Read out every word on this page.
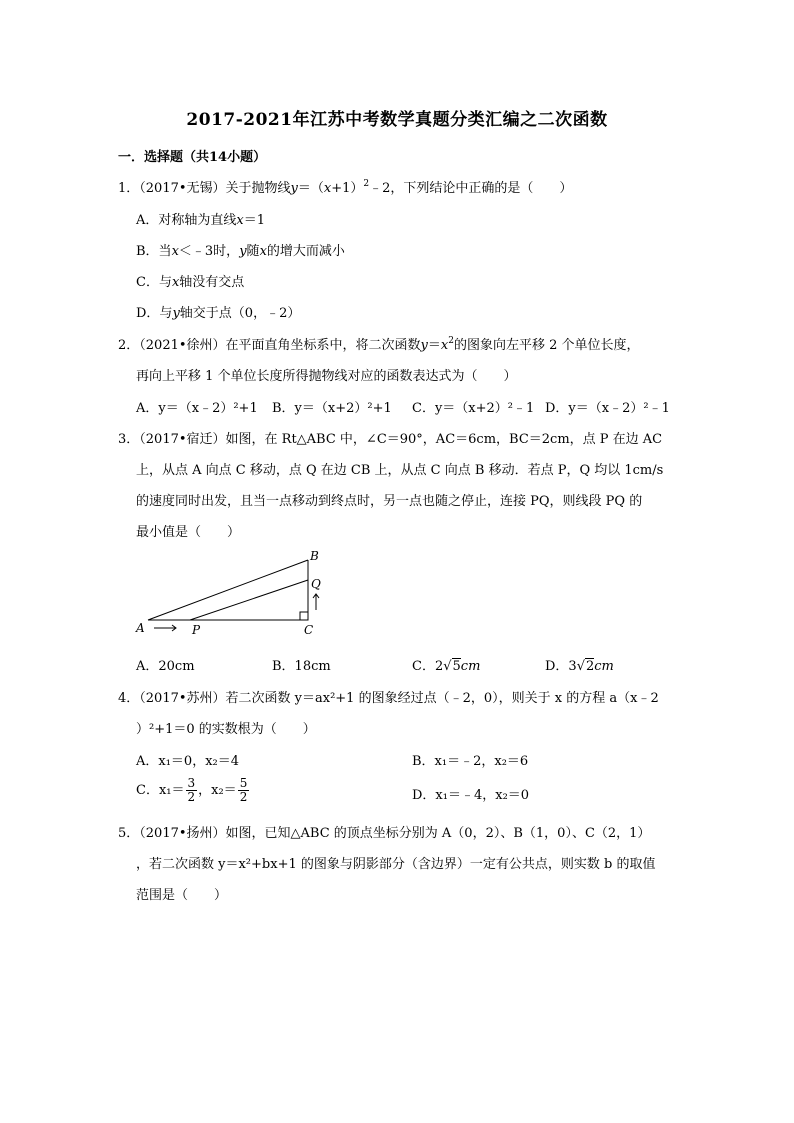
2017-2021年江苏中考数学真题分类汇编之二次函数
一．选择题（共14小题）
1．（2017•无锡）关于抛物线$y=(x+1)^2﹣2$，下列结论中正确的是（　　）
A．对称轴为直线x＝1
B．当x＜﹣3时，y随x的增大而减小
C．与x轴没有交点
D．与y轴交于点（0，﹣2）
2．（2021•徐州）在平面直角坐标系中，将二次函数$y=x^2$的图象向左平移 2 个单位长度，
再向上平移 1 个单位长度所得抛物线对应的函数表达式为（　　）
A．y＝（x﹣2）²+1 B．y＝（x+2）²+1 C．y＝（x+2）²﹣1 D．y＝（x﹣2）²﹣1
3．（2017•宿迁）如图，在 Rt△ABC 中，∠C＝90°，AC＝6cm，BC＝2cm，点 P 在边 AC
上，从点 A 向点 C 移动，点 Q 在边 CB 上，从点 C 向点 B 移动．若点 P，Q 均以 1cm/s
的速度同时出发，且当一点移动到终点时，另一点也随之停止，连接 PQ，则线段 PQ 的
最小值是（　　）
A
B
C
P
Q
A．20cm	B．18cm	C．2√5cm	D．3√2cm
4．（2017•苏州）若二次函数 y＝ax²+1 的图象经过点（﹣2，0），则关于 x 的方程 a（x﹣2
）²+1＝0 的实数根为（　　）
A．x₁＝0，x₂＝4	B．x₁＝﹣2，x₂＝6
C．$x_1= \frac{3}{2}$ ，$x_2= \frac{5}{2}$	D．x₁＝﹣4，x₂＝0
5．（2017•扬州）如图，已知△ABC 的顶点坐标分别为 A（0，2）、B（1，0）、C（2，1）
，若二次函数 y＝x²+bx+1 的图象与阴影部分（含边界）一定有公共点，则实数 b 的取值
范围是（　　）
